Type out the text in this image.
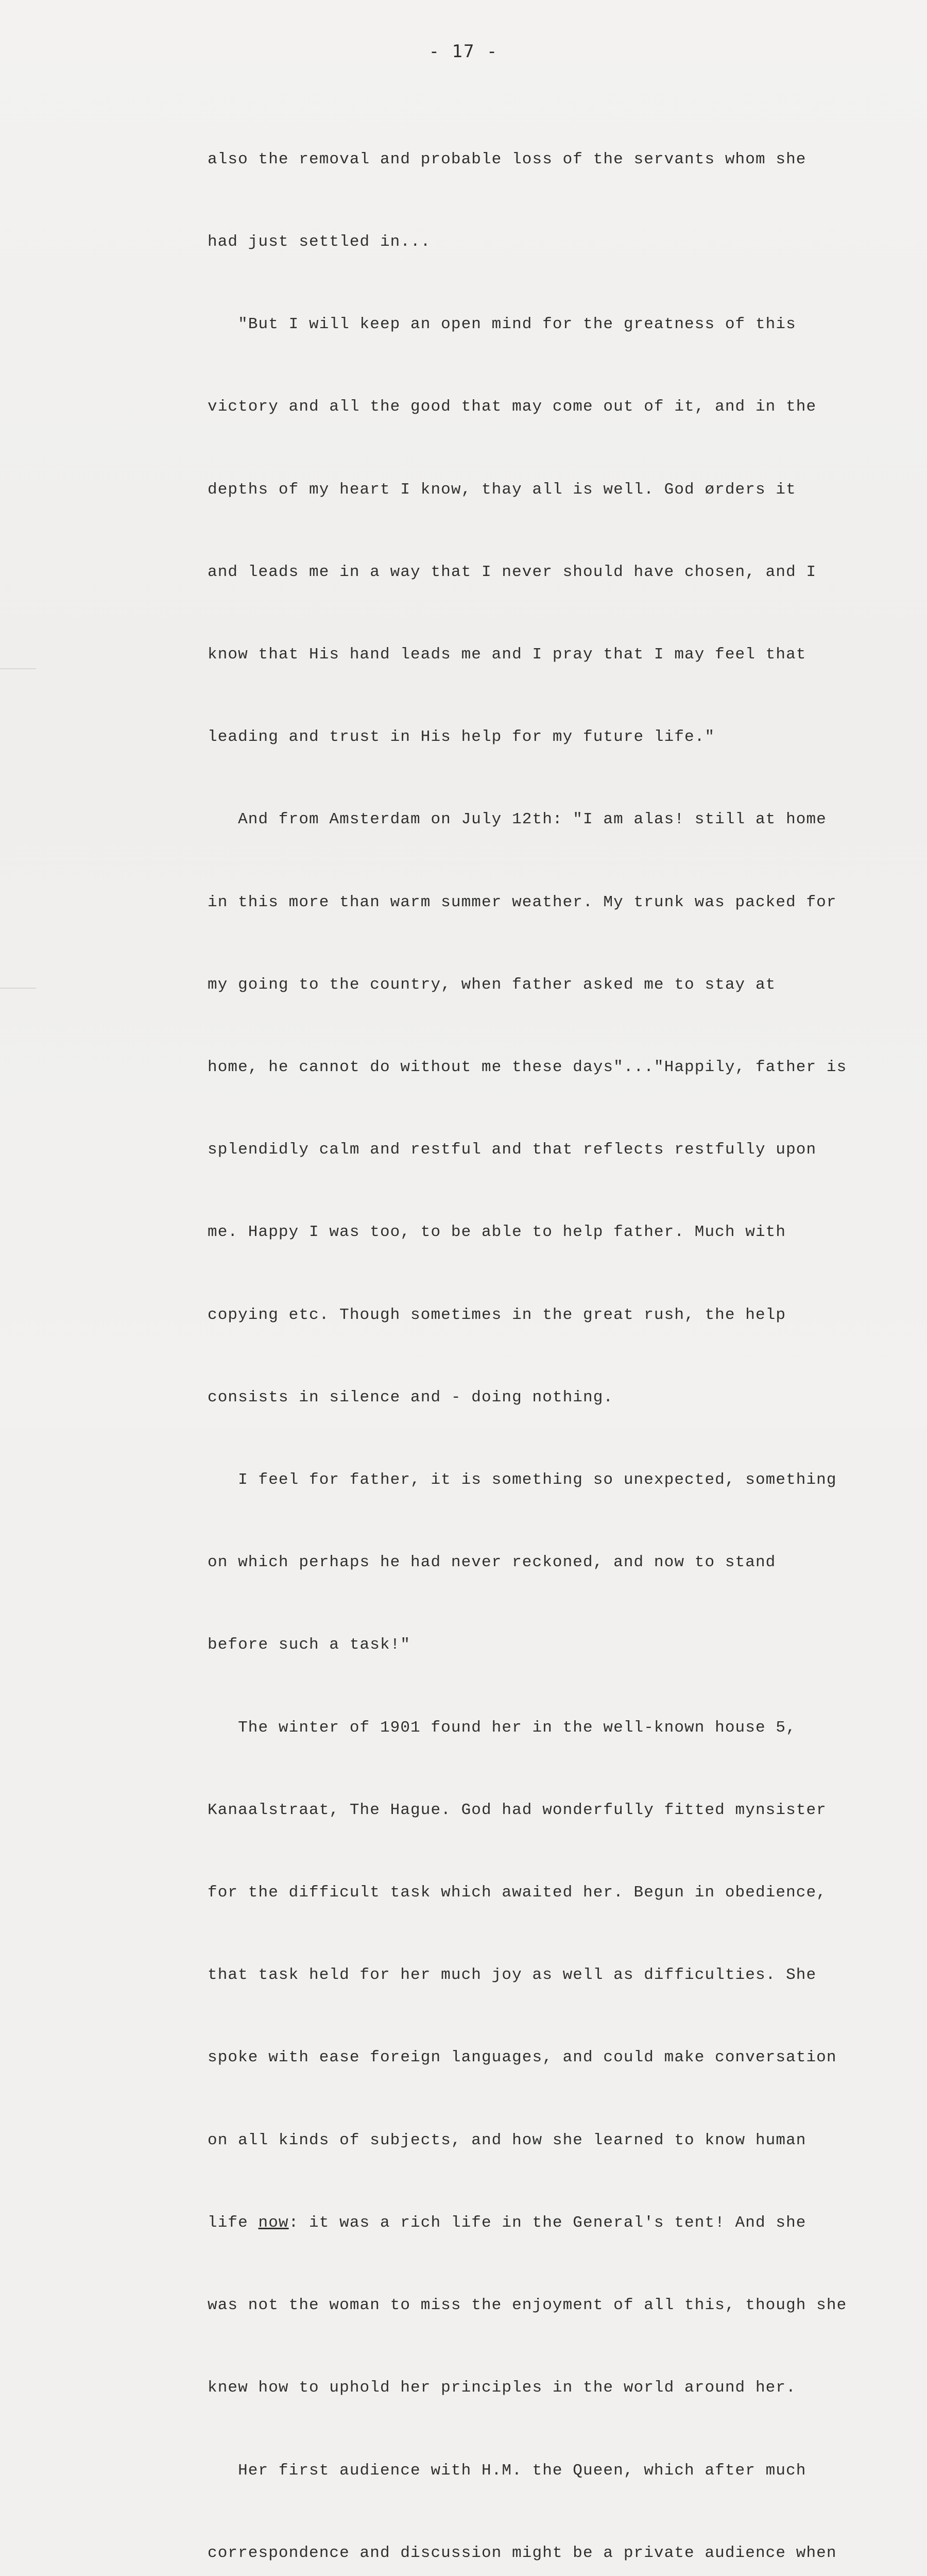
- 17 -

also the removal and probable loss of the servants whom she

had just settled in...

"But I will keep an open mind for the greatness of this

victory and all the good that may come out of it, and in the

depths of my heart I know, thay all is well. God ørders it

and leads me in a way that I never should have chosen, and I

know that His hand leads me and I pray that I may feel that

leading and trust in His help for my future life."

And from Amsterdam on July 12th: "I am alas! still at home

in this more than warm summer weather. My trunk was packed for

my going to the country, when father asked me to stay at

home, he cannot do without me these days"..."Happily, father is

splendidly calm and restful and that reflects restfully upon

me. Happy I was too, to be able to help father. Much with

copying etc. Though sometimes in the great rush, the help

consists in silence and - doing nothing.

I feel for father, it is something so unexpected, something

on which perhaps he had never reckoned, and now to stand

before such a task!"

The winter of 1901 found her in the well-known house 5,

Kanaalstraat, The Hague. God had wonderfully fitted mynsister

for the difficult task which awaited her. Begun in obedience,

that task held for her much joy as well as difficulties. She

spoke with ease foreign languages, and could make conversation

on all kinds of subjects, and how she learned to know human

life now: it was a rich life in the General's tent! And she

was not the woman to miss the enjoyment of all this, though she

knew how to uphold her principles in the world around her.

Her first audience with H.M. the Queen, which after much

correspondence and discussion might be a private audience when
